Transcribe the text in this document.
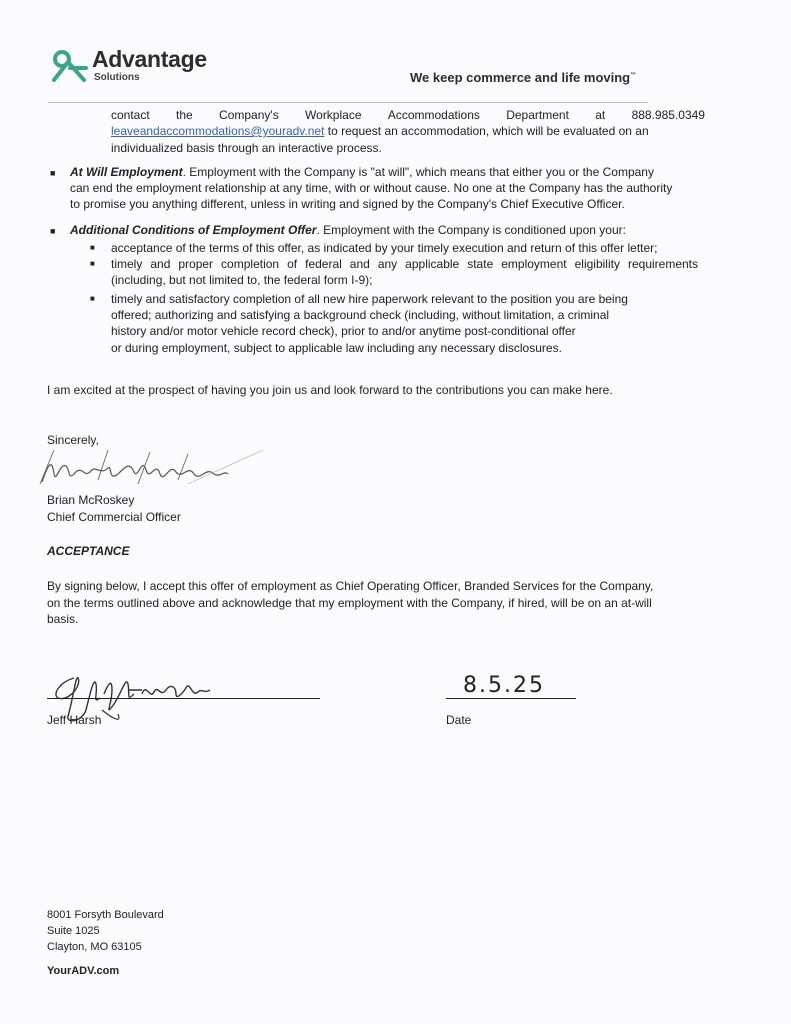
Advantage
Solutions	We keep commerce and life moving™
contact the Company's Workplace Accommodations Department at 888.985.0349
leaveandaccommodations@youradv.net to request an accommodation, which will be evaluated on an
individualized basis through an interactive process.
■ At Will Employment. Employment with the Company is "at will", which means that either you or the Company
can end the employment relationship at any time, with or without cause. No one at the Company has the authority
to promise you anything different, unless in writing and signed by the Company's Chief Executive Officer.
■ Additional Conditions of Employment Offer. Employment with the Company is conditioned upon your:
■ acceptance of the terms of this offer, as indicated by your timely execution and return of this offer letter;
■ timely and proper completion of federal and any applicable state employment eligibility requirements
(including, but not limited to, the federal form I-9);
■ timely and satisfactory completion of all new hire paperwork relevant to the position you are being
offered; authorizing and satisfying a background check (including, without limitation, a criminal
history and/or motor vehicle record check), prior to and/or anytime post-conditional offer
or during employment, subject to applicable law including any necessary disclosures.
I am excited at the prospect of having you join us and look forward to the contributions you can make here.
Sincerely,
Brian McRoskey
Chief Commercial Officer
ACCEPTANCE
By signing below, I accept this offer of employment as Chief Operating Officer, Branded Services for the Company,
on the terms outlined above and acknowledge that my employment with the Company, if hired, will be on an at-will
basis.
Jeff Harsh
8.5.25
Date
8001 Forsyth Boulevard
Suite 1025
Clayton, MO 63105
YourADV.com
